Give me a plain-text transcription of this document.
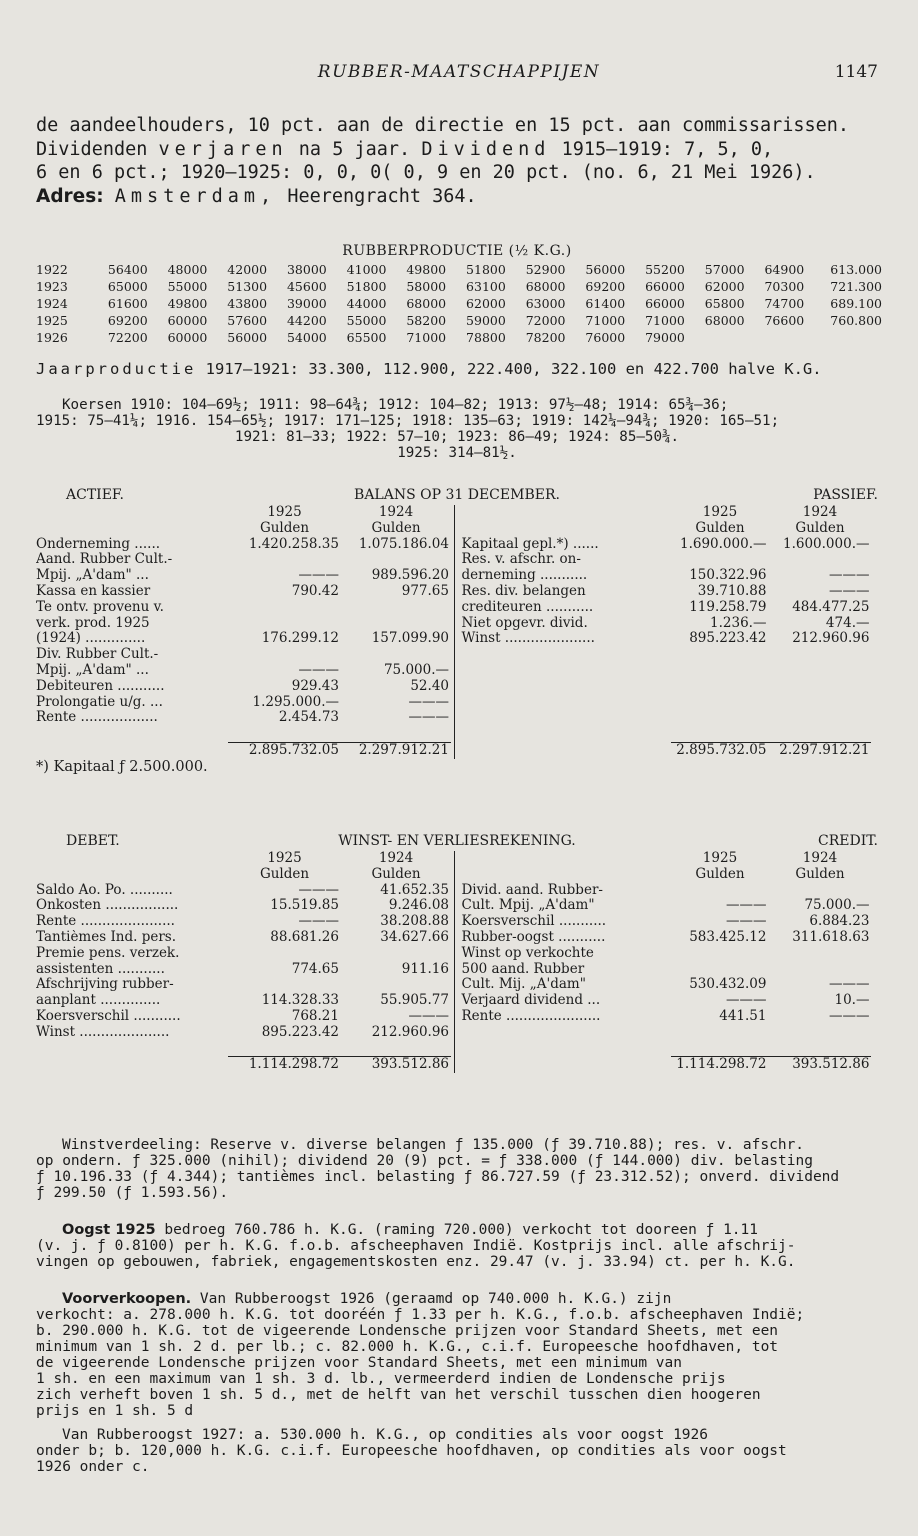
RUBBER-MAATSCHAPPIJEN	1147
de aandeelhouders, 10 pct. aan de directie en 15 pct. aan commissarissen.
Dividenden verjaren na 5 jaar. Dividend 1915—1919: 7, 5, 0,
6 en 6 pct.; 1920—1925: 0, 0, 0( 0, 9 en 20 pct. (no. 6, 21 Mei 1926).
Adres: Amsterdam, Heerengracht 364.
RUBBERPRODUCTIE (½ K.G.)
1922	56400	48000	42000	38000	41000	49800	51800	52900	56000	55200	57000	64900	613.000
1923	65000	55000	51300	45600	51800	58000	63100	68000	69200	66000	62000	70300	721.300
1924	61600	49800	43800	39000	44000	68000	62000	63000	61400	66000	65800	74700	689.100
1925	69200	60000	57600	44200	55000	58200	59000	72000	71000	71000	68000	76600	760.800
1926	72200	60000	56000	54000	65500	71000	78800	78200	76000	79000			
Jaarproductie 1917—1921: 33.300, 112.900, 222.400, 322.100 en 422.700 halve K.G.

Koersen 1910: 104—69½; 1911: 98—64¾; 1912: 104—82; 1913: 97½—48; 1914: 65¾—36;

1915: 75—41¼; 1916. 154—65½; 1917: 171—125; 1918: 135—63; 1919: 142¼—94¾; 1920: 165—51;

1921: 81—33; 1922: 57—10; 1923: 86—49; 1924: 85—50¾.

1925: 314—81½.

ACTIEF.	BALANS OP 31 DECEMBER.	PASSIEF.
1925	1924
Gulden	Gulden
Onderneming ......	1.420.258.35	1.075.186.04
Aand. Rubber Cult.-
Mpij. „A'dam" ...	———	989.596.20
Kassa en kassier	790.42	977.65
Te ontv. provenu v.
verk. prod. 1925
(1924) ..............	176.299.12	157.099.90
Div. Rubber Cult.-
Mpij. „A'dam" ...	———	75.000.—
Debiteuren ...........	929.43	52.40
Prolongatie u/g. ...	1.295.000.—	———
Rente ..................	2.454.73	———
2.895.732.05	2.297.912.21
1925	1924
Gulden	Gulden
Kapitaal gepl.*) ......	1.690.000.—	1.600.000.—
Res. v. afschr. on-
derneming ...........	150.322.96	———
Res. div. belangen	39.710.88	———
crediteuren ...........	119.258.79	484.477.25
Niet opgevr. divid.	1.236.—	474.—
Winst .....................	895.223.42	212.960.96
2.895.732.05 2.297.912.21
*) Kapitaal ƒ 2.500.000.
DEBET.	WINST- EN VERLIESREKENING.	CREDIT.
1925	1924
Gulden	Gulden
Saldo Ao. Po. ..........	———	41.652.35
Onkosten .................	15.519.85	9.246.08
Rente ......................	———	38.208.88
Tantièmes Ind. pers.	88.681.26	34.627.66
Premie pens. verzek.
assistenten ...........	774.65	911.16
Afschrijving rubber-
aanplant ..............	114.328.33	55.905.77
Koersverschil ...........	768.21	———
Winst .....................	895.223.42	212.960.96
1.114.298.72	393.512.86
1925	1924
Gulden	Gulden
Divid. aand. Rubber-
Cult. Mpij. „A'dam"	———	75.000.—
Koersverschil ...........	———	6.884.23
Rubber-oogst ...........	583.425.12	311.618.63
Winst op verkochte
500 aand. Rubber
Cult. Mij. „A'dam"	530.432.09	———
Verjaard dividend ...	———	10.—
Rente ......................	441.51	———
1.114.298.72	393.512.86

Winstverdeeling: Reserve v. diverse belangen ƒ 135.000 (ƒ 39.710.88); res. v. afschr.

op ondern. ƒ 325.000 (nihil); dividend 20 (9) pct. = ƒ 338.000 (ƒ 144.000) div. belasting

ƒ 10.196.33 (ƒ 4.344); tantièmes incl. belasting ƒ 86.727.59 (ƒ 23.312.52); onverd. dividend

ƒ 299.50 (ƒ 1.593.56).

Oogst 1925 bedroeg 760.786 h. K.G. (raming 720.000) verkocht tot dooreen ƒ 1.11

(v. j. ƒ 0.8100) per h. K.G. f.o.b. afscheephaven Indië. Kostprijs incl. alle afschrij-

vingen op gebouwen, fabriek, engagementskosten enz. 29.47 (v. j. 33.94) ct. per h. K.G.

Voorverkoopen. Van Rubberoogst 1926 (geraamd op 740.000 h. K.G.) zijn

verkocht: a. 278.000 h. K.G. tot dooréén ƒ 1.33 per h. K.G., f.o.b. afscheephaven Indië;

b. 290.000 h. K.G. tot de vigeerende Londensche prijzen voor Standard Sheets, met een

minimum van 1 sh. 2 d. per lb.; c. 82.000 h. K.G., c.i.f. Europeesche hoofdhaven, tot

de vigeerende Londensche prijzen voor Standard Sheets, met een minimum van

1 sh. en een maximum van 1 sh. 3 d. lb., vermeerderd indien de Londensche prijs

zich verheft boven 1 sh. 5 d., met de helft van het verschil tusschen dien hoogeren

prijs en 1 sh. 5 d

Van Rubberoogst 1927: a. 530.000 h. K.G., op condities als voor oogst 1926

onder b; b. 120,000 h. K.G. c.i.f. Europeesche hoofdhaven, op condities als voor oogst

1926 onder c.
